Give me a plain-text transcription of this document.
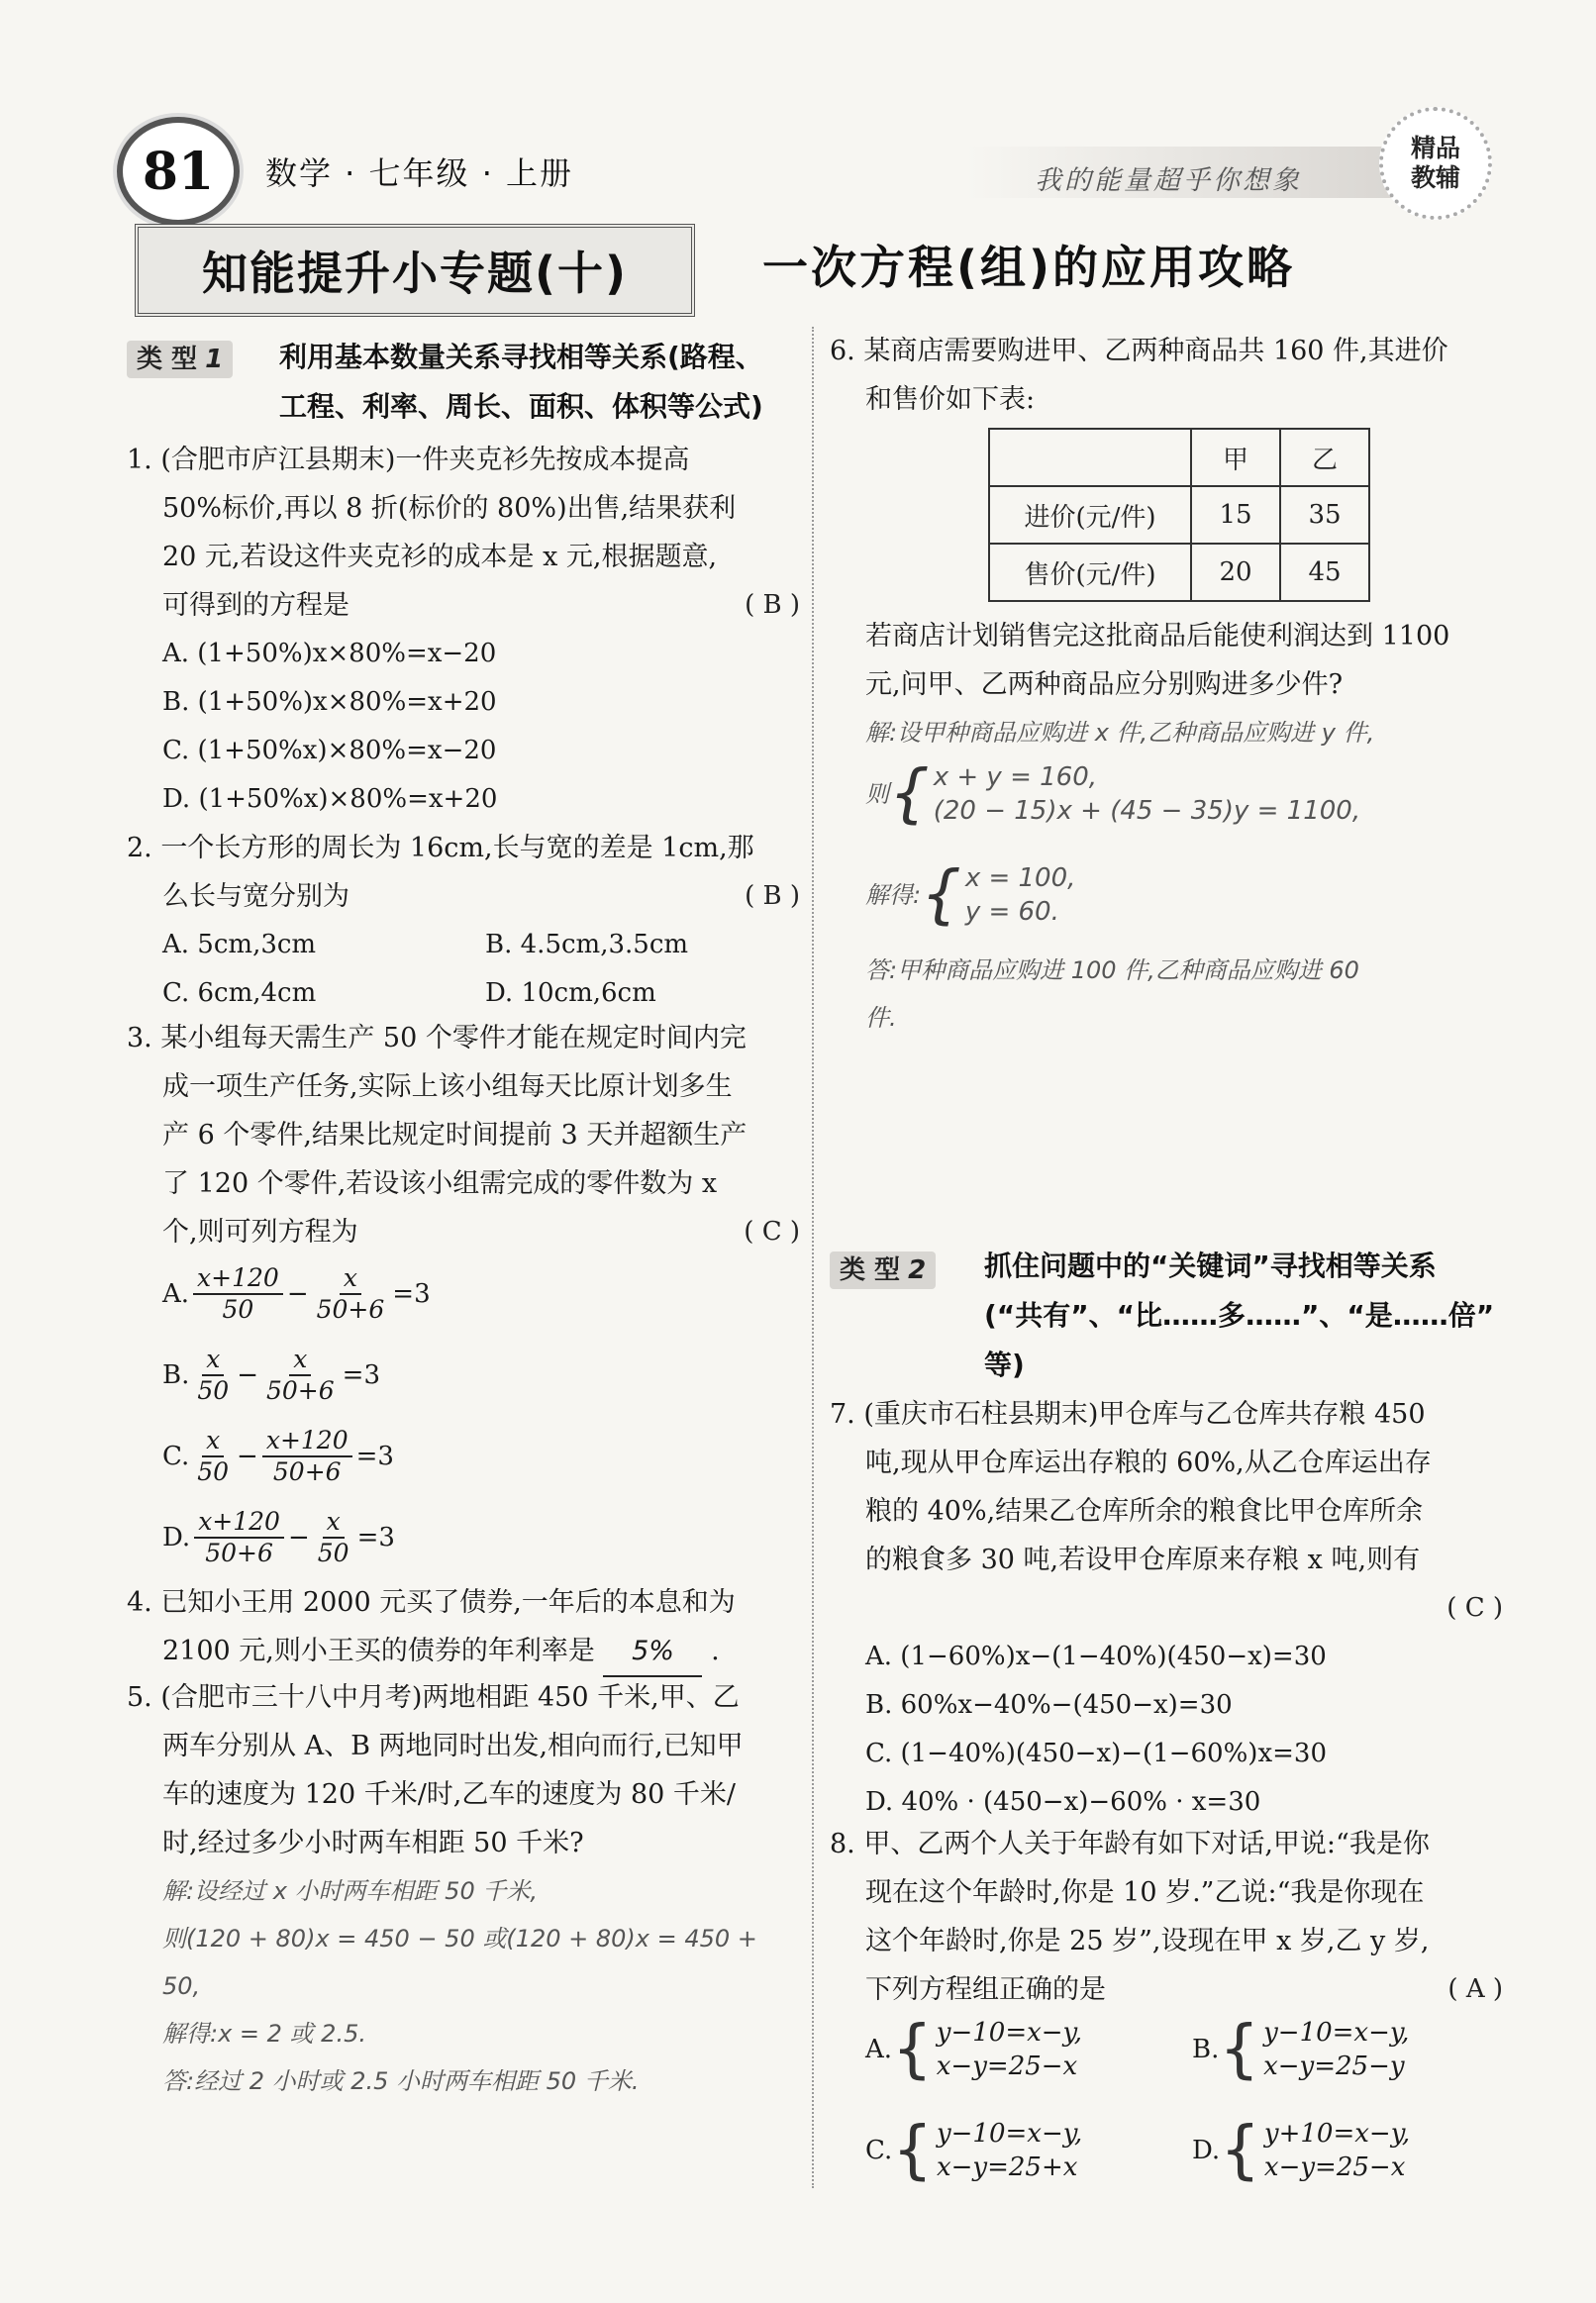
81	数学 · 七年级 · 上册	我的能量超乎你想象
精品
教辅
知能提升小专题(十)	一次方程(组)的应用攻略
类 型 1	利用基本数量关系寻找相等关系(路程、
工程、利率、周长、面积、体积等公式)
1. (合肥市庐江县期末)一件夹克衫先按成本提高
50%标价,再以 8 折(标价的 80%)出售,结果获利
20 元,若设这件夹克衫的成本是 x 元,根据题意,
可得到的方程是	( B )
A. (1+50%)x×80%=x−20
B. (1+50%)x×80%=x+20
C. (1+50%x)×80%=x−20
D. (1+50%x)×80%=x+20
2. 一个长方形的周长为 16cm,长与宽的差是 1cm,那
么长与宽分别为	( B )
A. 5cm,3cm	B. 4.5cm,3.5cm
C. 6cm,4cm	D. 10cm,6cm
3. 某小组每天需生产 50 个零件才能在规定时间内完
成一项生产任务,实际上该小组每天比原计划多生
产 6 个零件,结果比规定时间提前 3 天并超额生产
了 120 个零件,若设该小组需完成的零件数为 x
个,则可列方程为	( C )
A. $\frac{x+120}{50} - \frac{x}{50+6} =3$
B. $\frac{x}{50} - \frac{x}{50+6} =3$
C. $\frac{x}{50} - \frac{x+120}{50+6} =3$
D. $\frac{x+120}{50+6} - \frac{x}{50} =3$
4. 已知小王用 2000 元买了债券,一年后的本息和为
2100 元,则小王买的债券的年利率是 5% .
5. (合肥市三十八中月考)两地相距 450 千米,甲、乙
两车分别从 A、B 两地同时出发,相向而行,已知甲
车的速度为 120 千米/时,乙车的速度为 80 千米/
时,经过多少小时两车相距 50 千米?
解:设经过 x 小时两车相距 50 千米,
则(120 + 80)x = 450 − 50 或(120 + 80)x = 450 +
50,
解得:x = 2 或 2.5.
答:经过 2 小时或 2.5 小时两车相距 50 千米.
6. 某商店需要购进甲、乙两种商品共 160 件,其进价
和售价如下表:
	甲	乙
进价(元/件)	15	35
售价(元/件)	20	45
若商店计划销售完这批商品后能使利润达到 1100
元,问甲、乙两种商品应分别购进多少件?
解:设甲种商品应购进 x 件,乙种商品应购进 y 件,
则 { x + y = 160,
(20 − 15)x + (45 − 35)y = 1100,
解得: { x = 100,
y = 60.
答:甲种商品应购进 100 件,乙种商品应购进 60
件.
类 型 2	抓住问题中的“关键词”寻找相等关系
(“共有”、“比……多……”、“是……倍”
等)
7. (重庆市石柱县期末)甲仓库与乙仓库共存粮 450
吨,现从甲仓库运出存粮的 60%,从乙仓库运出存
粮的 40%,结果乙仓库所余的粮食比甲仓库所余
的粮食多 30 吨,若设甲仓库原来存粮 x 吨,则有
( C )
A. (1−60%)x−(1−40%)(450−x)=30
B. 60%x−40%−(450−x)=30
C. (1−40%)(450−x)−(1−60%)x=30
D. 40% · (450−x)−60% · x=30
8. 甲、乙两个人关于年龄有如下对话,甲说:“我是你
现在这个年龄时,你是 10 岁.”乙说:“我是你现在
这个年龄时,你是 25 岁”,设现在甲 x 岁,乙 y 岁,
下列方程组正确的是	( A )
A. { y−10=x−y,
x−y=25−x
B. { y−10=x−y,
x−y=25−y
C. { y−10=x−y,
x−y=25+x
D. { y+10=x−y,
x−y=25−x
